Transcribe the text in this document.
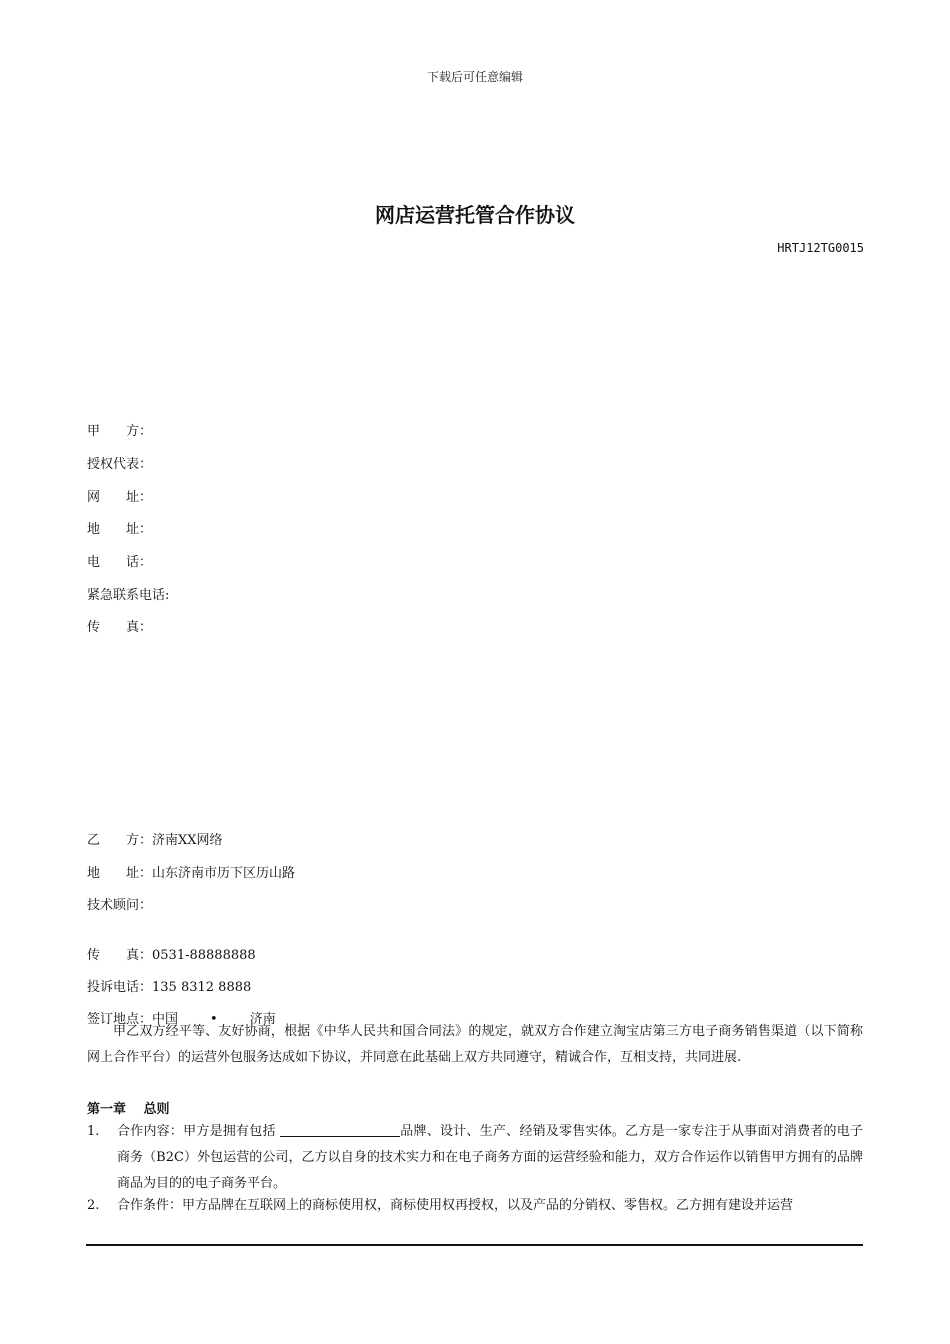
下载后可任意编辑
网店运营托管合作协议
HRTJ12TG0015
甲　　方：
授权代表：
网　　址：
地　　址：
电　　话：
紧急联系电话:
传　　真：
乙　　方：济南XX网络
地　　址：山东济南市历下区历山路
技术顾问：
传　　真：0531-88888888
投诉电话：135 8312 8888
签订地点：中国 • 济南
甲乙双方经平等、友好协商，根据《中华人民共和国合同法》的规定，就双方合作建立淘宝店第三方电子商务销售渠道（以下简称网上合作平台）的运营外包服务达成如下协议，并同意在此基础上双方共同遵守，精诚合作，互相支持，共同进展.
第一章　 总则
1. 合作内容：甲方是拥有包括	品牌、设计、生产、经销及零售实体。乙方是一家专注于从事面对消费者的电子商务（B2C）外包运营的公司，乙方以自身的技术实力和在电子商务方面的运营经验和能力，双方合作运作以销售甲方拥有的品牌商品为目的的电子商务平台。
2. 合作条件：甲方品牌在互联网上的商标使用权，商标使用权再授权，以及产品的分销权、零售权。乙方拥有建设并运营
